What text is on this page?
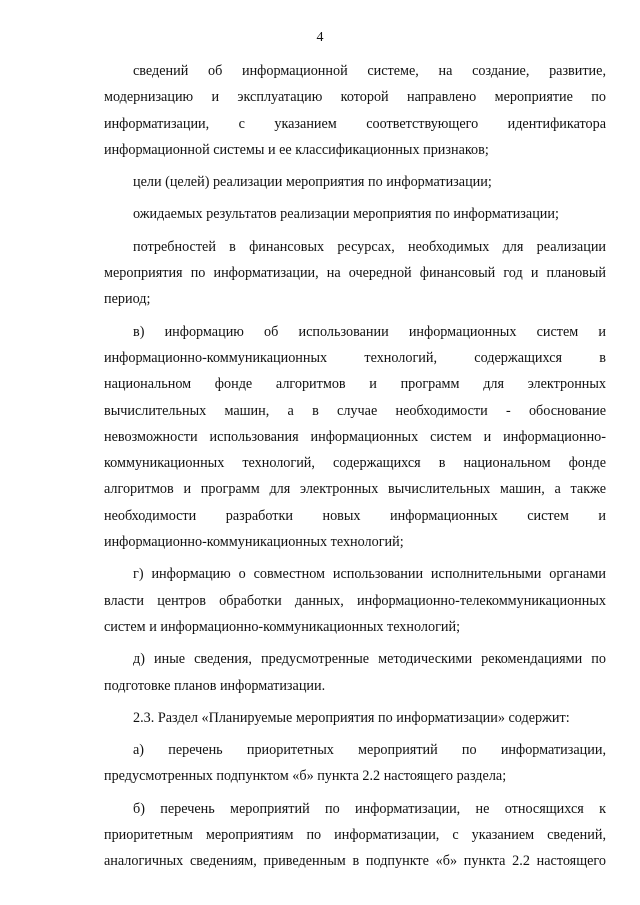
4
сведений об информационной системе, на создание, развитие,
модернизацию и эксплуатацию которой направлено мероприятие по
информатизации, с указанием соответствующего идентификатора
информационной системы и ее классификационных признаков;
цели (целей) реализации мероприятия по информатизации;
ожидаемых результатов реализации мероприятия по информатизации;
потребностей в финансовых ресурсах, необходимых для реализации
мероприятия по информатизации, на очередной финансовый год и плановый
период;
в) информацию об использовании информационных систем и
информационно-коммуникационных технологий, содержащихся в
национальном фонде алгоритмов и программ для электронных
вычислительных машин, а в случае необходимости - обоснование
невозможности использования информационных систем и информационно-
коммуникационных технологий, содержащихся в национальном фонде
алгоритмов и программ для электронных вычислительных машин, а также
необходимости разработки новых информационных систем и
информационно-коммуникационных технологий;
г) информацию о совместном использовании исполнительными органами
власти центров обработки данных, информационно-телекоммуникационных
систем и информационно-коммуникационных технологий;
д) иные сведения, предусмотренные методическими рекомендациями по
подготовке планов информатизации.
2.3. Раздел «Планируемые мероприятия по информатизации» содержит:
а) перечень приоритетных мероприятий по информатизации,
предусмотренных подпунктом «б» пункта 2.2 настоящего раздела;
б) перечень мероприятий по информатизации, не относящихся к
приоритетным мероприятиям по информатизации, с указанием сведений,
аналогичных сведениям, приведенным в подпункте «б» пункта 2.2 настоящего
